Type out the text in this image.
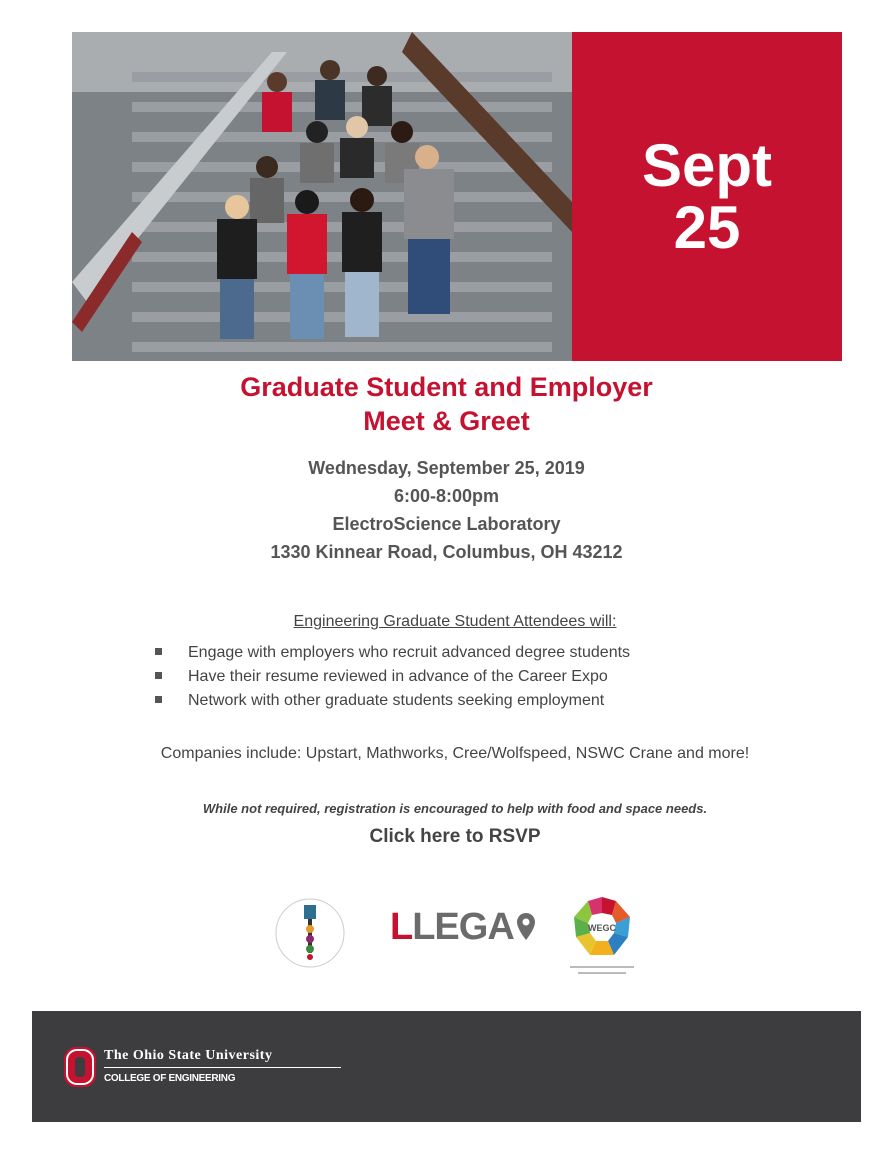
Sept
25
Graduate Student and Employer
Meet & Greet
Wednesday, September 25, 2019
6:00-8:00pm
ElectroScience Laboratory
1330 Kinnear Road, Columbus, OH 43212
Engineering Graduate Student Attendees will:
Engage with employers who recruit advanced degree students
Have their resume reviewed in advance of the Career Expo
Network with other graduate students seeking employment
Companies include: Upstart, Mathworks, Cree/Wolfspeed, NSWC Crane and more!
While not required, registration is encouraged to help with food and space needs.
Click here to RSVP
LLEGA	WEGC
The Ohio State University
COLLEGE OF ENGINEERING
